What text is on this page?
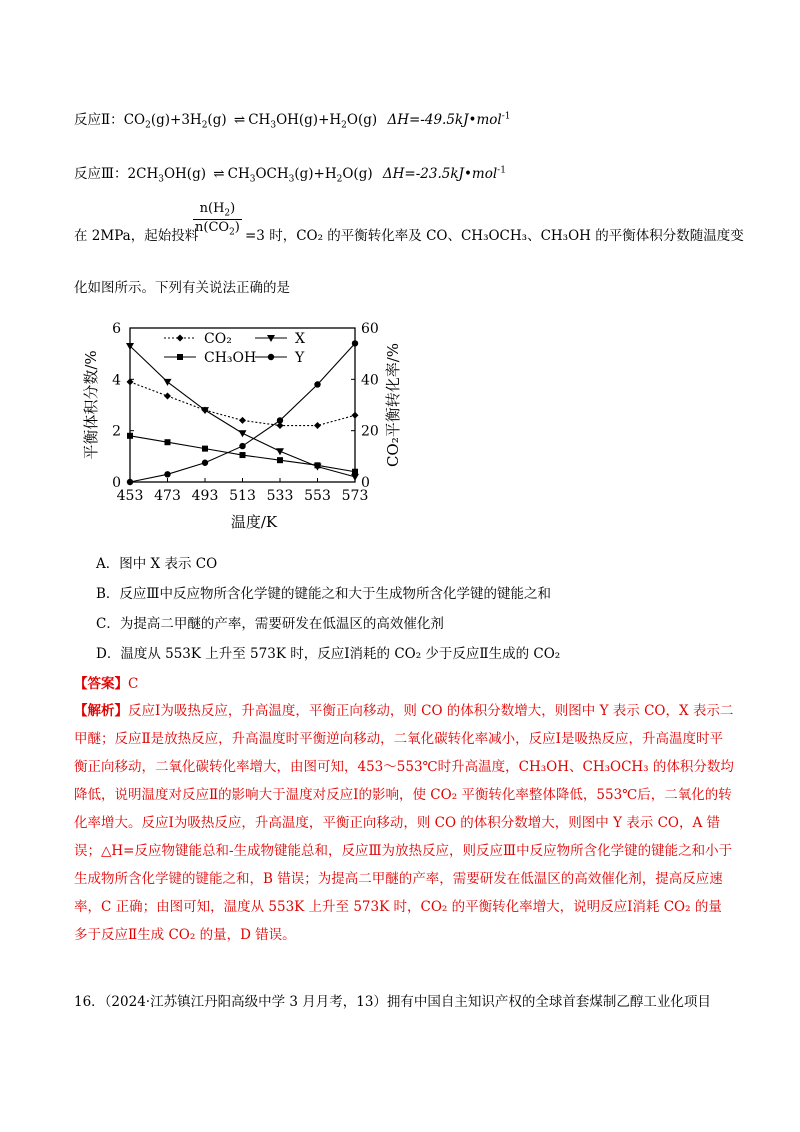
反应Ⅱ：$CO_2(g)+3H_2(g)$ ⇌ $CH_3OH(g)+H_2O(g)$ ΔH=-49.5kJ•mol$^{-1}$
反应Ⅲ：$2CH_3OH(g)$ ⇌ $CH_3OCH_3(g)+H_2O(g)$ ΔH=-23.5kJ•mol$^{-1}$
在 2MPa，起始投料
$\frac{n(H_2)}{n(CO_2)} =3$ 时，CO₂ 的平衡转化率及 CO、CH₃OCH₃、CH₃OH 的平衡体积分数随温度变
化如图所示。下列有关说法正确的是
453 473 493 513 533 553 573
0
2
4
6
0
20
40
60
CO₂	X
CH₃OH	Y
温度/K
平衡体积分数/%	CO₂平衡转化率/%
A．图中 X 表示 CO
B．反应Ⅲ中反应物所含化学键的键能之和大于生成物所含化学键的键能之和
C．为提高二甲醚的产率，需要研发在低温区的高效催化剂
D．温度从 553K 上升至 573K 时，反应Ⅰ消耗的 CO₂ 少于反应Ⅱ生成的 CO₂
【答案】C
【解析】反应Ⅰ为吸热反应，升高温度，平衡正向移动，则 CO 的体积分数增大，则图中 Y 表示 CO，X 表示二甲醚；反应Ⅱ是放热反应，升高温度时平衡逆向移动，二氧化碳转化率减小，反应Ⅰ是吸热反应，升高温度时平衡正向移动，二氧化碳转化率增大，由图可知，453～553℃时升高温度，CH₃OH、CH₃OCH₃ 的体积分数均降低，说明温度对反应Ⅱ的影响大于温度对反应Ⅰ的影响，使 CO₂ 平衡转化率整体降低，553℃后，二氧化的转化率增大。反应Ⅰ为吸热反应，升高温度，平衡正向移动，则 CO 的体积分数增大，则图中 Y 表示 CO，A 错误；△H=反应物键能总和-生成物键能总和，反应Ⅲ为放热反应，则反应Ⅲ中反应物所含化学键的键能之和小于生成物所含化学键的键能之和，B 错误；为提高二甲醚的产率，需要研发在低温区的高效催化剂，提高反应速率，C 正确；由图可知，温度从 553K 上升至 573K 时，CO₂ 的平衡转化率增大，说明反应Ⅰ消耗 CO₂ 的量多于反应Ⅱ生成 CO₂ 的量，D 错误。
16．（2024·江苏镇江丹阳高级中学 3 月月考，13）拥有中国自主知识产权的全球首套煤制乙醇工业化项目
